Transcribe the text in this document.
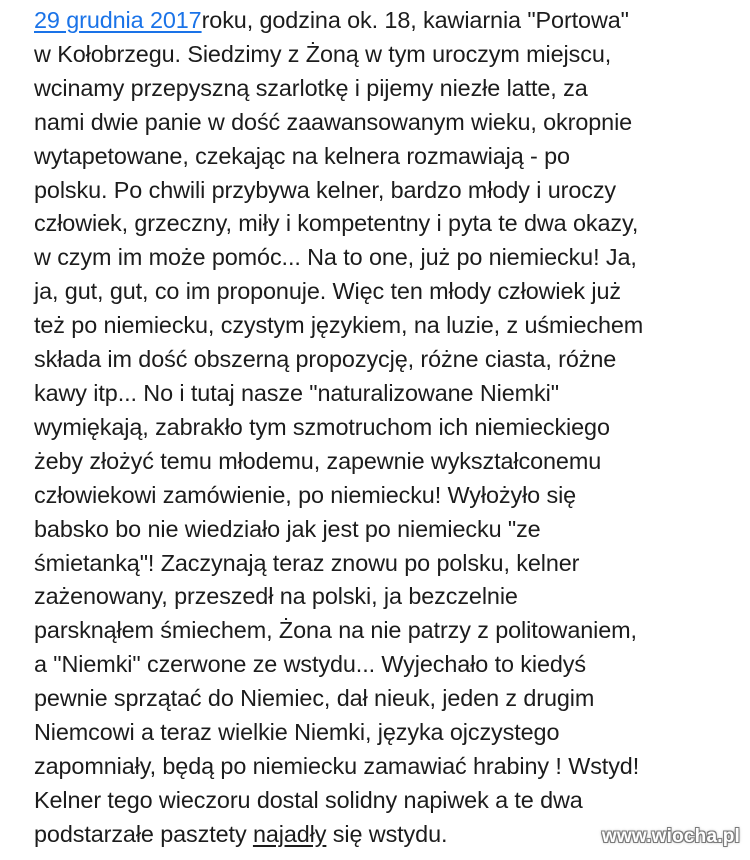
29 grudnia 2017roku, godzina ok. 18, kawiarnia "Portowa"
w Kołobrzegu. Siedzimy z Żoną w tym uroczym miejscu,
wcinamy przepyszną szarlotkę i pijemy niezłe latte, za
nami dwie panie w dość zaawansowanym wieku, okropnie
wytapetowane, czekając na kelnera rozmawiają - po
polsku. Po chwili przybywa kelner, bardzo młody i uroczy
człowiek, grzeczny, miły i kompetentny i pyta te dwa okazy,
w czym im może pomóc... Na to one, już po niemiecku! Ja,
ja, gut, gut, co im proponuje. Więc ten młody człowiek już
też po niemiecku, czystym językiem, na luzie, z uśmiechem
składa im dość obszerną propozycję, różne ciasta, różne
kawy itp... No i tutaj nasze "naturalizowane Niemki"
wymiękają, zabrakło tym szmotruchom ich niemieckiego
żeby złożyć temu młodemu, zapewnie wykształconemu
człowiekowi zamówienie, po niemiecku! Wyłożyło się
babsko bo nie wiedziało jak jest po niemiecku "ze
śmietanką"! Zaczynają teraz znowu po polsku, kelner
zażenowany, przeszedł na polski, ja bezczelnie
parsknąłem śmiechem, Żona na nie patrzy z politowaniem,
a "Niemki" czerwone ze wstydu... Wyjechało to kiedyś
pewnie sprzątać do Niemiec, dał nieuk, jeden z drugim
Niemcowi a teraz wielkie Niemki, języka ojczystego
zapomniały, będą po niemiecku zamawiać hrabiny ! Wstyd!
Kelner tego wieczoru dostal solidny napiwek a te dwa
podstarzałe pasztety najadły się wstydu.	www.wiocha.pl
